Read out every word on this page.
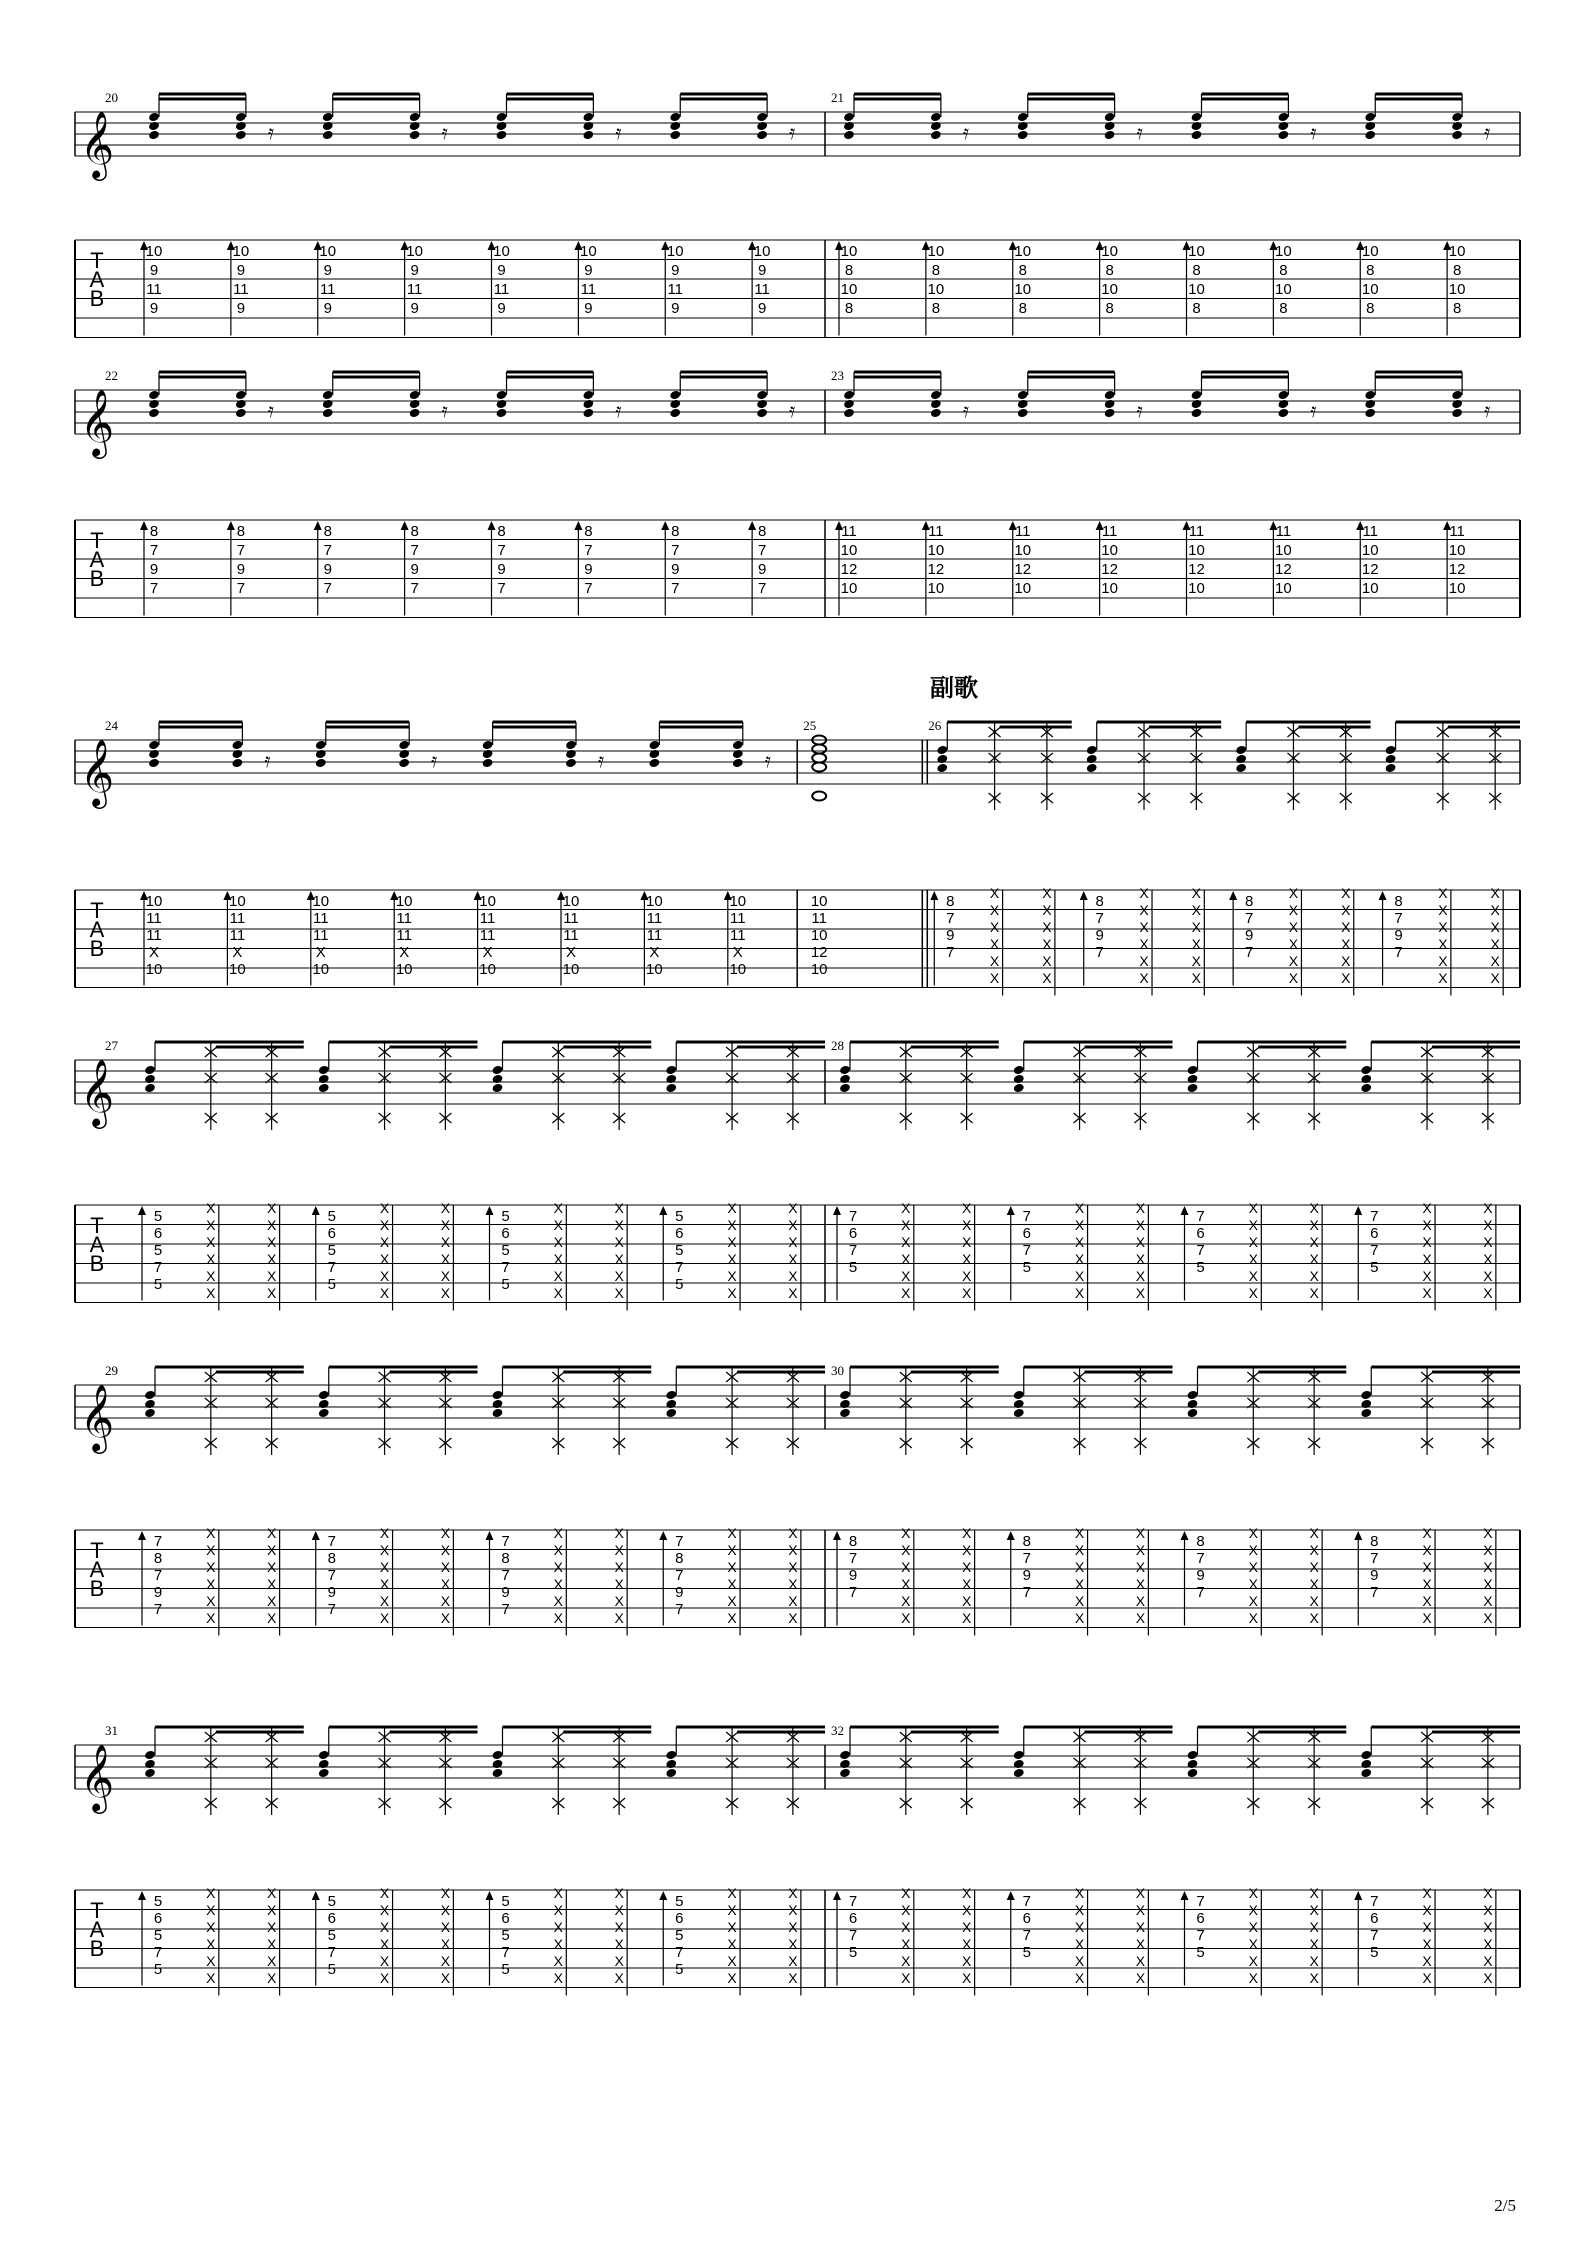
𝄞
T
A
B
20
10
9
11
9
10
9
11
9
𝄿
10
9
11
9
10
9
11
9
𝄿
10
9
11
9
10
9
11
9
𝄿
10
9
11
9
10
9
11
9
𝄿
21
10
8
10
8
10
8
10
8
𝄿
10
8
10
8
10
8
10
8
𝄿
10
8
10
8
10
8
10
8
𝄿
10
8
10
8
10
8
10
8
𝄿
𝄞
T
A
B
22
8
7
9
7
8
7
9
7
𝄿
8
7
9
7
8
7
9
7
𝄿
8
7
9
7
8
7
9
7
𝄿
8
7
9
7
8
7
9
7
𝄿
23
11
10
12
10
11
10
12
10
𝄿
11
10
12
10
11
10
12
10
𝄿
11
10
12
10
11
10
12
10
𝄿
11
10
12
10
11
10
12
10
𝄿
𝄞
T
A
B
24
10
11
11
X
10
10
11
11
X
10
𝄿
10
11
11
X
10
10
11
11
X
10
𝄿
10
11
11
X
10
10
11
11
X
10
𝄿
10
11
11
X
10
10
11
11
X
10
𝄿
25
10
11
10
12
10
26
X
X
X
X
X
X
X
X
X
X
X
X
8
7
9
7
X
X
X
X
X
X
X
X
X
X
X
X
8
7
9
7
X
X
X
X
X
X
X
X
X
X
X
X
8
7
9
7
X
X
X
X
X
X
X
X
X
X
X
X
8
7
9
7
𝄞
T
A
B
27
X
X
X
X
X
X
X
X
X
X
X
X
5
6
5
7
5
X
X
X
X
X
X
X
X
X
X
X
X
5
6
5
7
5
X
X
X
X
X
X
X
X
X
X
X
X
5
6
5
7
5
X
X
X
X
X
X
X
X
X
X
X
X
5
6
5
7
5
28
X
X
X
X
X
X
X
X
X
X
X
X
7
6
7
5
X
X
X
X
X
X
X
X
X
X
X
X
7
6
7
5
X
X
X
X
X
X
X
X
X
X
X
X
7
6
7
5
X
X
X
X
X
X
X
X
X
X
X
X
7
6
7
5
𝄞
T
A
B
29
X
X
X
X
X
X
X
X
X
X
X
X
7
8
7
9
7
X
X
X
X
X
X
X
X
X
X
X
X
7
8
7
9
7
X
X
X
X
X
X
X
X
X
X
X
X
7
8
7
9
7
X
X
X
X
X
X
X
X
X
X
X
X
7
8
7
9
7
30
X
X
X
X
X
X
X
X
X
X
X
X
8
7
9
7
X
X
X
X
X
X
X
X
X
X
X
X
8
7
9
7
X
X
X
X
X
X
X
X
X
X
X
X
8
7
9
7
X
X
X
X
X
X
X
X
X
X
X
X
8
7
9
7
𝄞
T
A
B
31
X
X
X
X
X
X
X
X
X
X
X
X
5
6
5
7
5
X
X
X
X
X
X
X
X
X
X
X
X
5
6
5
7
5
X
X
X
X
X
X
X
X
X
X
X
X
5
6
5
7
5
X
X
X
X
X
X
X
X
X
X
X
X
5
6
5
7
5
32
X
X
X
X
X
X
X
X
X
X
X
X
7
6
7
5
X
X
X
X
X
X
X
X
X
X
X
X
7
6
7
5
X
X
X
X
X
X
X
X
X
X
X
X
7
6
7
5
X
X
X
X
X
X
X
X
X
X
X
X
7
6
7
5
副歌
2/5
